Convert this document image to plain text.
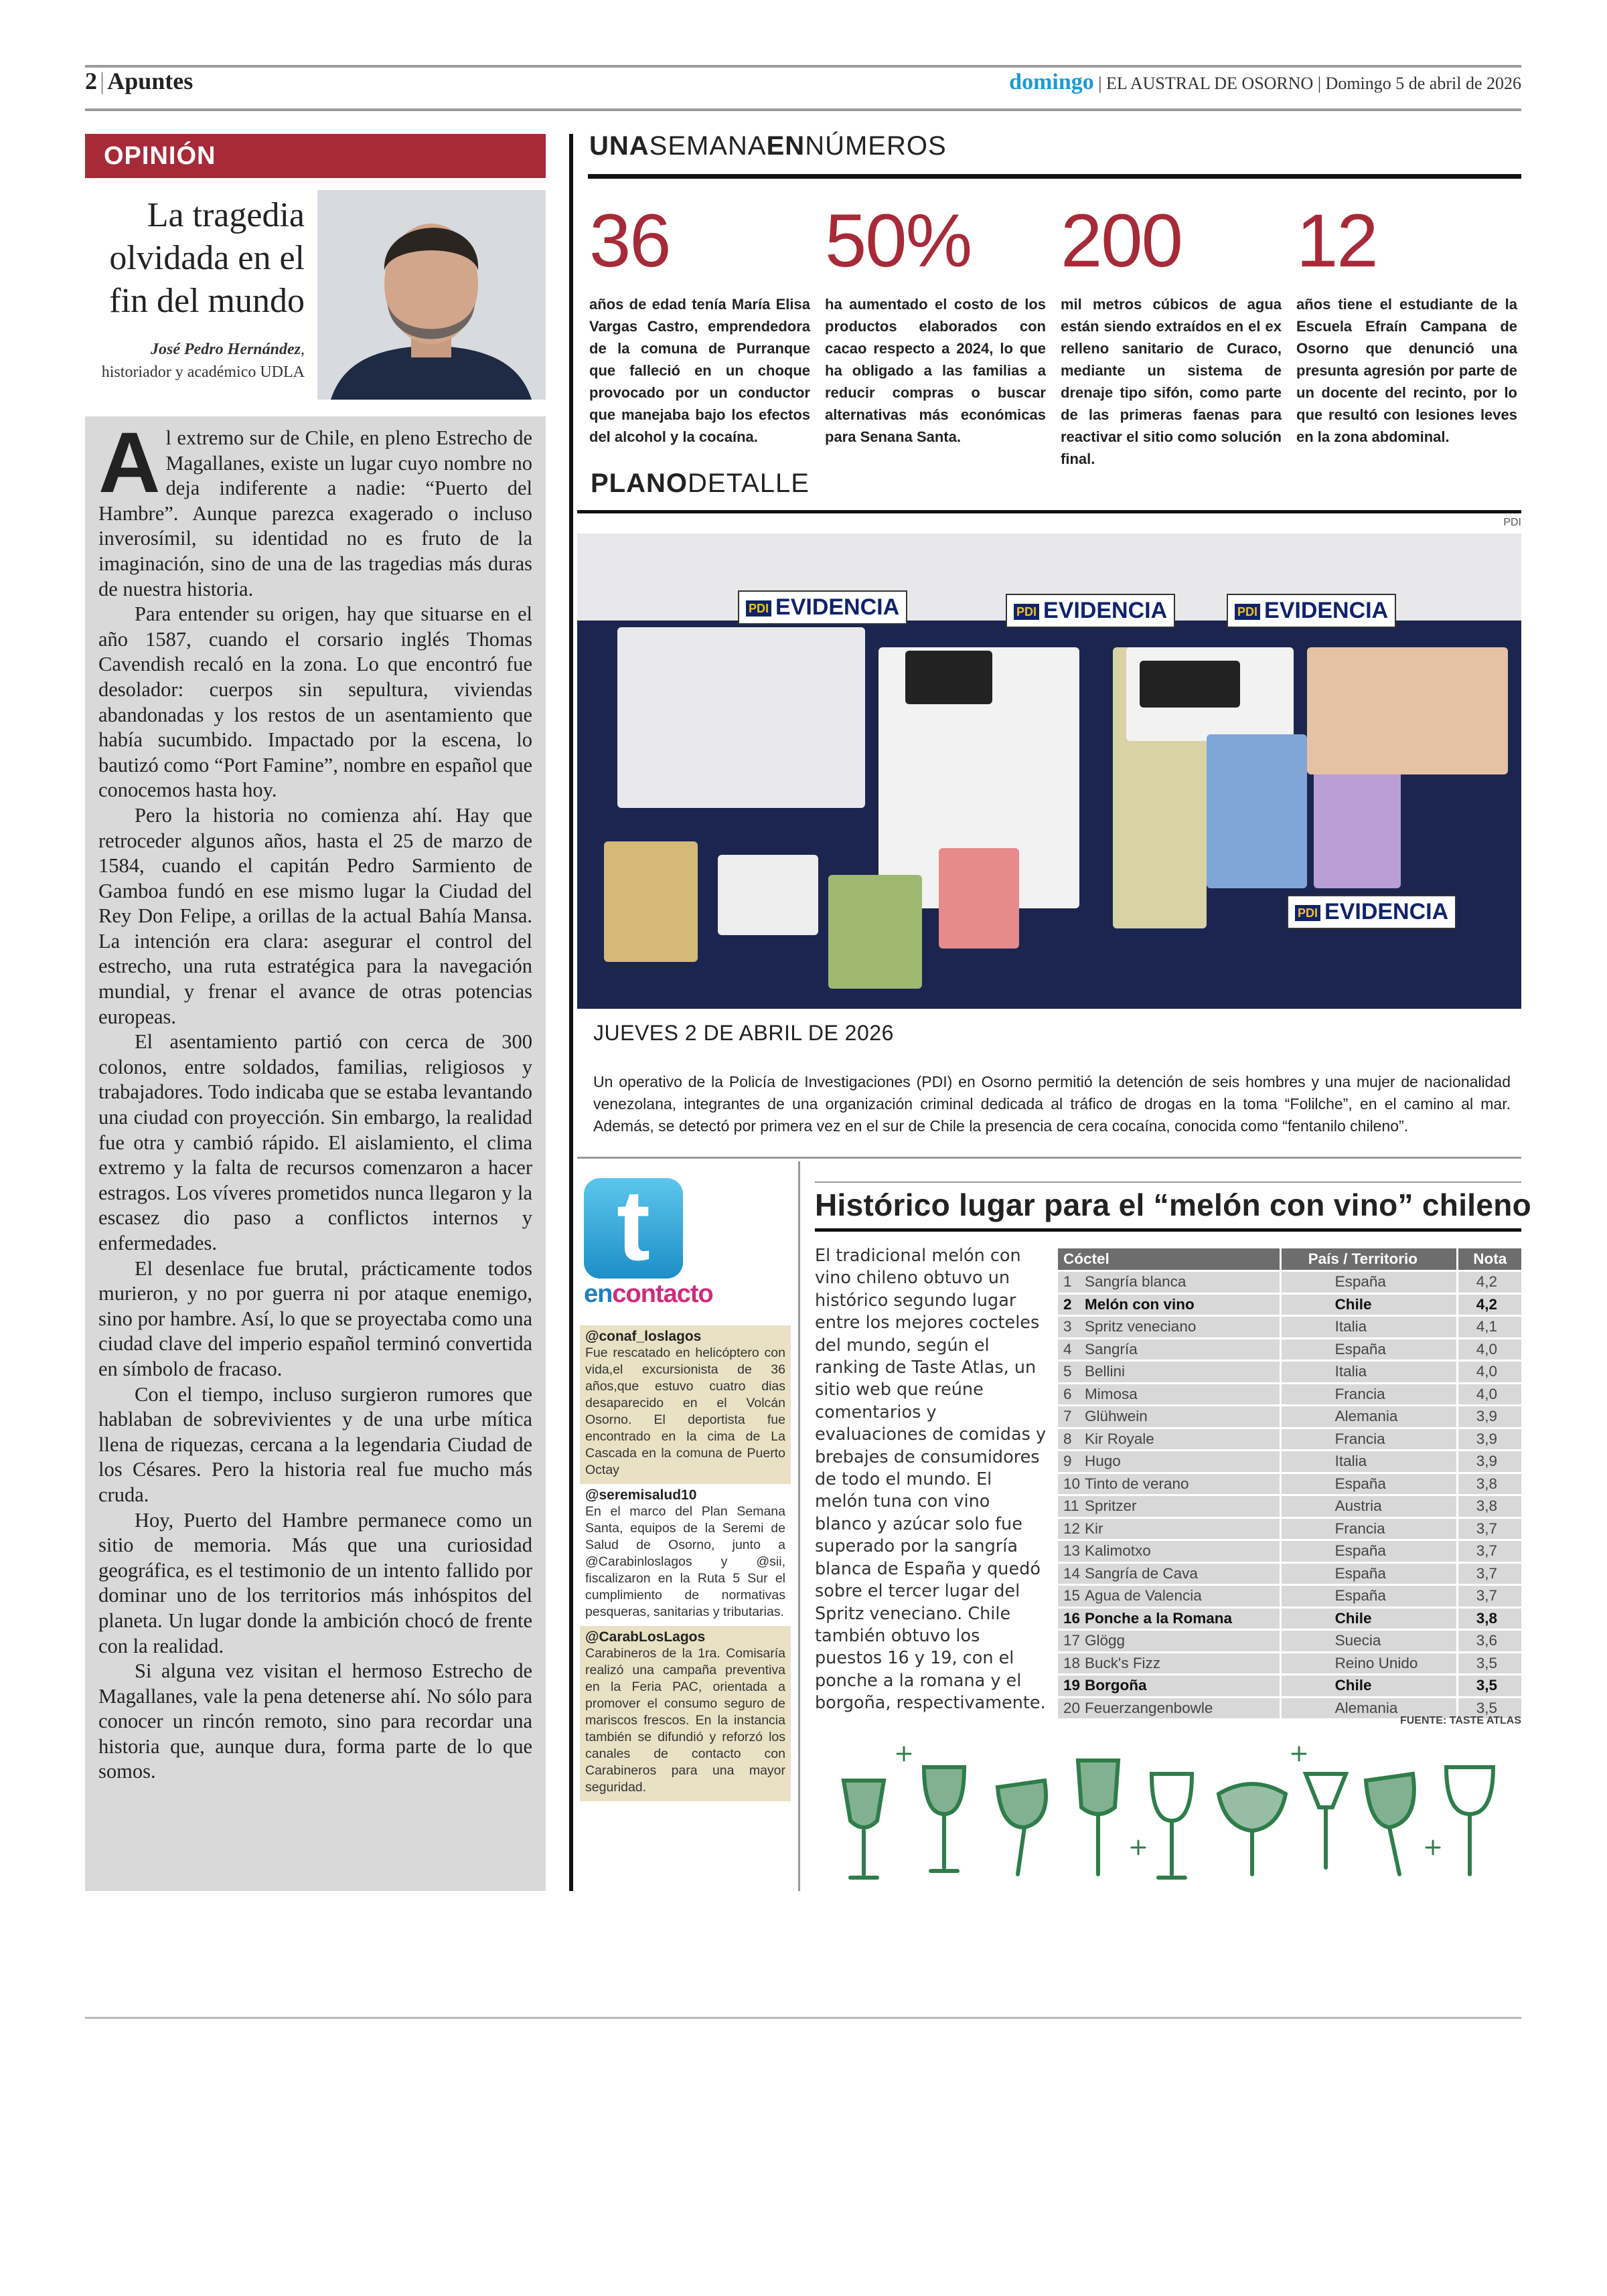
2 | Apuntes	domingo | EL AUSTRAL DE OSORNO | Domingo 5 de abril de 2026
OPINIÓN
La tragedia olvidada en el fin del mundo
José Pedro Hernández, historiador y académico UDLA

Al extremo sur de Chile, en pleno Estrecho de Magallanes, existe un lugar cuyo nombre no deja indiferente a nadie: “Puerto del Hambre”. Aunque parezca exagerado o incluso inverosímil, su identidad no es fruto de la imaginación, sino de una de las tragedias más duras de nuestra historia.

Para entender su origen, hay que situarse en el año 1587, cuando el corsario inglés Thomas Cavendish recaló en la zona. Lo que encontró fue desolador: cuerpos sin sepultura, viviendas abandonadas y los restos de un asentamiento que había sucumbido. Impactado por la escena, lo bautizó como “Port Famine”, nombre en español que conocemos hasta hoy.

Pero la historia no comienza ahí. Hay que retroceder algunos años, hasta el 25 de marzo de 1584, cuando el capitán Pedro Sarmiento de Gamboa fundó en ese mismo lugar la Ciudad del Rey Don Felipe, a orillas de la actual Bahía Mansa. La intención era clara: asegurar el control del estrecho, una ruta estratégica para la navegación mundial, y frenar el avance de otras potencias europeas.

El asentamiento partió con cerca de 300 colonos, entre soldados, familias, religiosos y trabajadores. Todo indicaba que se estaba levantando una ciudad con proyección. Sin embargo, la realidad fue otra y cambió rápido. El aislamiento, el clima extremo y la falta de recursos comenzaron a hacer estragos. Los víveres prometidos nunca llegaron y la escasez dio paso a conflictos internos y enfermedades.

El desenlace fue brutal, prácticamente todos murieron, y no por guerra ni por ataque enemigo, sino por hambre. Así, lo que se proyectaba como una ciudad clave del imperio español terminó convertida en símbolo de fracaso.

Con el tiempo, incluso surgieron rumores que hablaban de sobrevivientes y de una urbe mítica llena de riquezas, cercana a la legendaria Ciudad de los Césares. Pero la historia real fue mucho más cruda.

Hoy, Puerto del Hambre permanece como un sitio de memoria. Más que una curiosidad geográfica, es el testimonio de un intento fallido por dominar uno de los territorios más inhóspitos del planeta. Un lugar donde la ambición chocó de frente con la realidad.

Si alguna vez visitan el hermoso Estrecho de Magallanes, vale la pena detenerse ahí. No sólo para conocer un rincón remoto, sino para recordar una historia que, aunque dura, forma parte de lo que somos.

UNASEMANAENNÚMEROS
36
años de edad tenía María Elisa Vargas Castro, emprendedora de la comuna de Purranque que falleció en un choque provocado por un conductor que manejaba bajo los efectos del alcohol y la cocaína.
50%
ha aumentado el costo de los productos elaborados con cacao respecto a 2024, lo que ha obligado a las familias a reducir compras o buscar alternativas más económicas para Senana Santa.
200
mil metros cúbicos de agua están siendo extraídos en el ex relleno sanitario de Curaco, mediante un sistema de drenaje tipo sifón, como parte de las primeras faenas para reactivar el sitio como solución final.
12
años tiene el estudiante de la Escuela Efraín Campana de Osorno que denunció una presunta agresión por parte de un docente del recinto, por lo que resultó con lesiones leves en la zona abdominal.
PLANODETALLE
PDI
PDI EVIDENCIA	PDI EVIDENCIA	PDI EVIDENCIA
PDI EVIDENCIA
JUEVES 2 DE ABRIL DE 2026
Un operativo de la Policía de Investigaciones (PDI) en Osorno permitió la detención de seis hombres y una mujer de nacionalidad venezolana, integrantes de una organización criminal dedicada al tráfico de drogas en la toma “Folilche”, en el camino al mar. Además, se detectó por primera vez en el sur de Chile la presencia de cera cocaína, conocida como “fentanilo chileno”.
t
encontacto
@conaf_loslagos
Fue rescatado en helicóptero con vida,el excursionista de 36 años,que estuvo cuatro dias desaparecido en el Volcán Osorno. El deportista fue encontrado en la cima de La Cascada en la comuna de Puerto Octay
@seremisalud10
En el marco del Plan Semana Santa, equipos de la Seremi de Salud de Osorno, junto a @Carabinloslagos y @sii, fiscalizaron en la Ruta 5 Sur el cumplimiento de normativas pesqueras, sanitarias y tributarias.
@CarabLosLagos
Carabineros de la 1ra. Comisaría realizó una campaña preventiva en la Feria PAC, orientada a promover el consumo seguro de mariscos frescos. En la instancia también se difundió y reforzó los canales de contacto con Carabineros para una mayor seguridad.
Histórico lugar para el “melón con vino” chileno
El tradicional melón con vino chileno obtuvo un histórico segundo lugar entre los mejores cocteles del mundo, según el ranking de Taste Atlas, un sitio web que reúne comentarios y evaluaciones de comidas y brebajes de consumidores de todo el mundo. El melón tuna con vino blanco y azúcar solo fue superado por la sangría blanca de España y quedó sobre el tercer lugar del Spritz veneciano. Chile también obtuvo los puestos 16 y 19, con el ponche a la romana y el borgoña, respectivamente.
Cóctel	País / Territorio	Nota
1 Sangría blanca	España	4,2
2 Melón con vino	Chile	4,2
3 Spritz veneciano	Italia	4,1
4 Sangría	España	4,0
5 Bellini	Italia	4,0
6 Mimosa	Francia	4,0
7 Glühwein	Alemania	3,9
8 Kir Royale	Francia	3,9
9 Hugo	Italia	3,9
10 Tinto de verano	España	3,8
11 Spritzer	Austria	3,8
12 Kir	Francia	3,7
13 Kalimotxo	España	3,7
14 Sangría de Cava	España	3,7
15 Agua de Valencia	España	3,7
16 Ponche a la Romana	Chile	3,8
17 Glögg	Suecia	3,6
18 Buck's Fizz	Reino Unido	3,5
19 Borgoña	Chile	3,5
20 Feuerzangenbowle	Alemania	3,5
FUENTE: TASTE ATLAS
